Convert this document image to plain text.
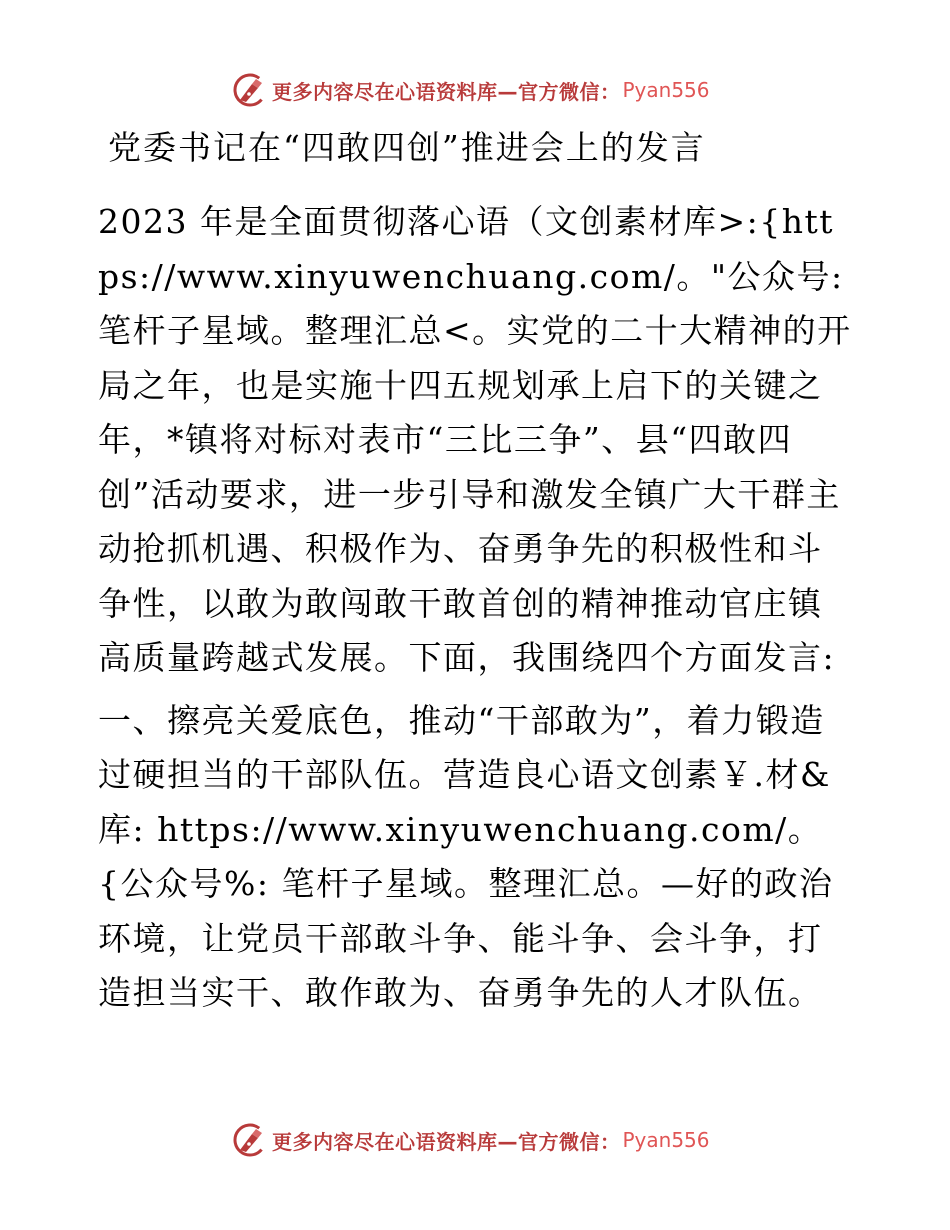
更多内容尽在心语资料库—官方微信： Pyan556
党委书记在“四敢四创”推进会上的发言

2023 年是全面贯彻落心语（文创素材库>:{https://www.xinyuwenchuang.com/。"公众号:笔杆子星域。整理汇总<。实党的二十大精神的开局之年，也是实施十四五规划承上启下的关键之年，*镇将对标对表市“三比三争”、县“四敢四创”活动要求，进一步引导和激发全镇广大干群主动抢抓机遇、积极作为、奋勇争先的积极性和斗争性，以敢为敢闯敢干敢首创的精神推动官庄镇高质量跨越式发展。下面，我围绕四个方面发言:

一、擦亮关爱底色，推动“干部敢为”，着力锻造过硬担当的干部队伍。营造良心语文创素￥.材&库: https://www.xinyuwenchuang.com/。{公众号%: 笔杆子星域。整理汇总。—好的政治环境，让党员干部敢斗争、能斗争、会斗争，打造担当实干、敢作敢为、奋勇争先的人才队伍。

更多内容尽在心语资料库—官方微信： Pyan556
